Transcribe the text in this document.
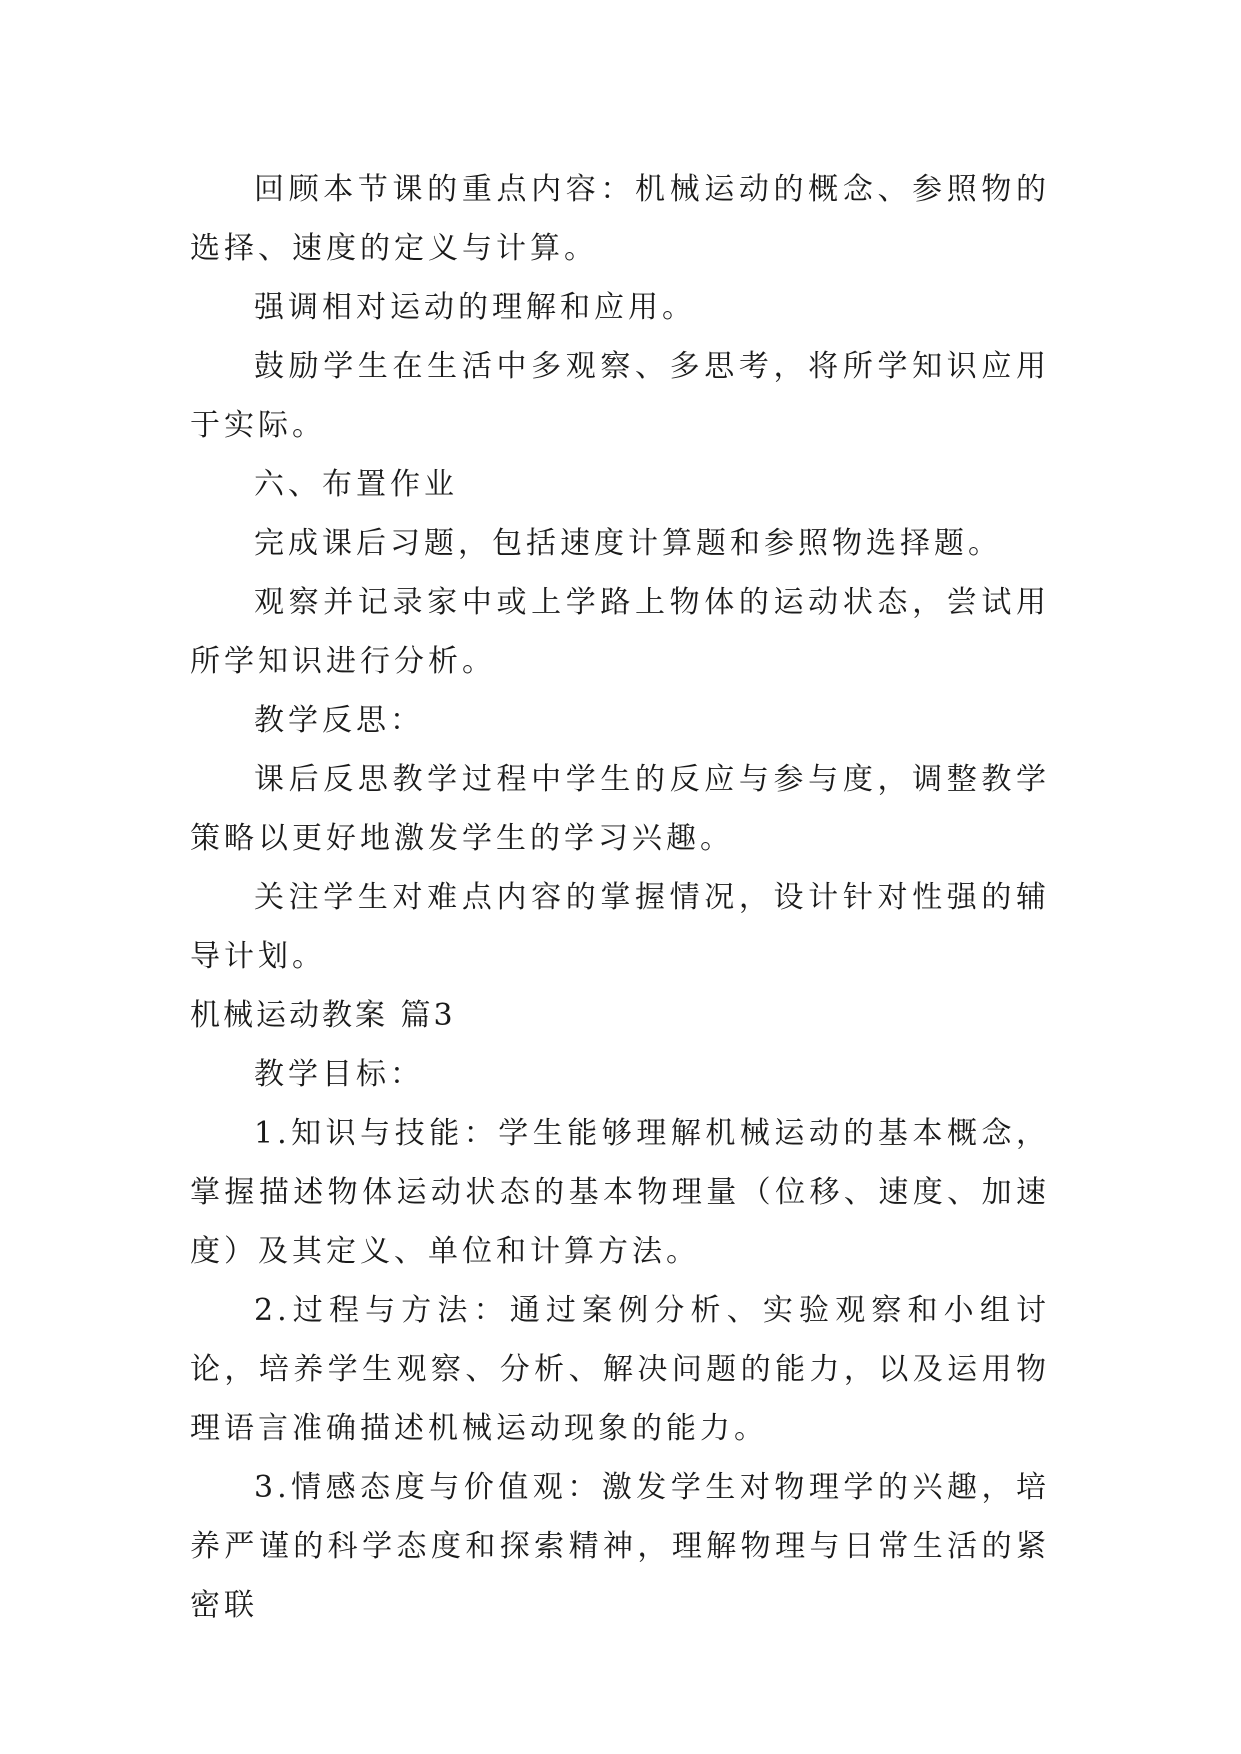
回顾本节课的重点内容：机械运动的概念、参照物的选择、速度的定义与计算。

强调相对运动的理解和应用。

鼓励学生在生活中多观察、多思考，将所学知识应用于实际。

六、布置作业

完成课后习题，包括速度计算题和参照物选择题。

观察并记录家中或上学路上物体的运动状态，尝试用所学知识进行分析。

教学反思：

课后反思教学过程中学生的反应与参与度，调整教学策略以更好地激发学生的学习兴趣。

关注学生对难点内容的掌握情况，设计针对性强的辅导计划。

机械运动教案 篇3

教学目标：

1.知识与技能：学生能够理解机械运动的基本概念，掌握描述物体运动状态的基本物理量（位移、速度、加速度）及其定义、单位和计算方法。

2.过程与方法：通过案例分析、实验观察和小组讨论，培养学生观察、分析、解决问题的能力，以及运用物理语言准确描述机械运动现象的能力。

3.情感态度与价值观：激发学生对物理学的兴趣，培养严谨的科学态度和探索精神，理解物理与日常生活的紧密联
